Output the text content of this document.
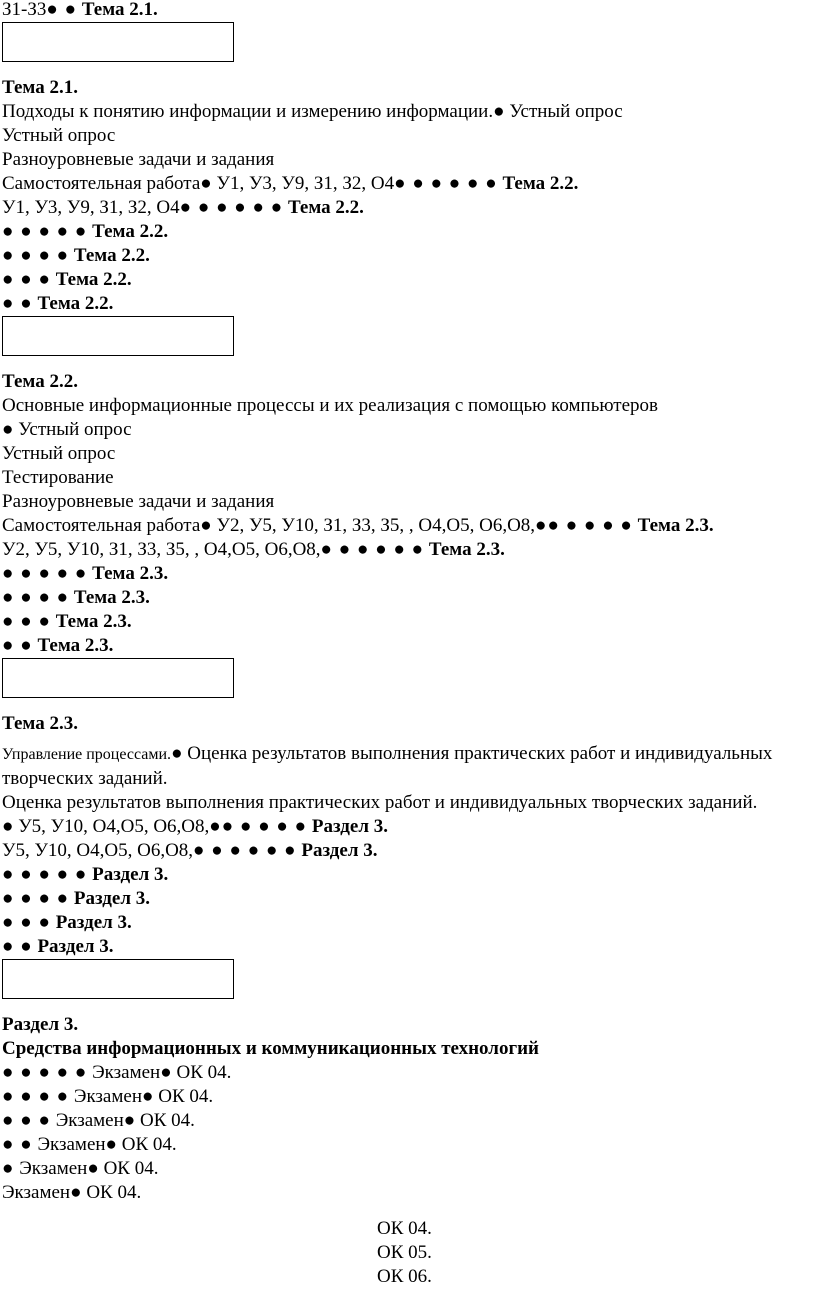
З1-З3● ● Тема 2.1.
Тема 2.1.
Подходы к понятию информации и измерению информации.● Устный опрос
Устный опрос
Разноуровневые задачи и задания
Самостоятельная работа● У1, У3, У9, З1, З2, О4● ● ● ● ● ● Тема 2.2.
У1, У3, У9, З1, З2, О4● ● ● ● ● ● Тема 2.2.
● ● ● ● ● Тема 2.2.
● ● ● ● Тема 2.2.
● ● ● Тема 2.2.
● ● Тема 2.2.
Тема 2.2.
Основные информационные процессы и их реализация с помощью компьютеров
● Устный опрос
Устный опрос
Тестирование
Разноуровневые задачи и задания
Самостоятельная работа● У2, У5, У10, З1, З3, З5, , О4,О5, О6,О8,●● ● ● ● ● Тема 2.3.
У2, У5, У10, З1, З3, З5, , О4,О5, О6,О8,● ● ● ● ● ● Тема 2.3.
● ● ● ● ● Тема 2.3.
● ● ● ● Тема 2.3.
● ● ● Тема 2.3.
● ● Тема 2.3.
Тема 2.3.
Управление процессами.● Оценка результатов выполнения практических работ и индивидуальных творческих заданий.
Оценка результатов выполнения практических работ и индивидуальных творческих заданий.
● У5, У10, О4,О5, О6,О8,●● ● ● ● ● Раздел 3.
У5, У10, О4,О5, О6,О8,● ● ● ● ● ● Раздел 3.
● ● ● ● ● Раздел 3.
● ● ● ● Раздел 3.
● ● ● Раздел 3.
● ● Раздел 3.
Раздел 3.
Средства информационных и коммуникационных технологий
● ● ● ● ● Экзамен● ОК 04.
● ● ● ● Экзамен● ОК 04.
● ● ● Экзамен● ОК 04.
● ● Экзамен● ОК 04.
● Экзамен● ОК 04.
Экзамен● ОК 04.
ОК 04.
ОК 05.
ОК 06.
